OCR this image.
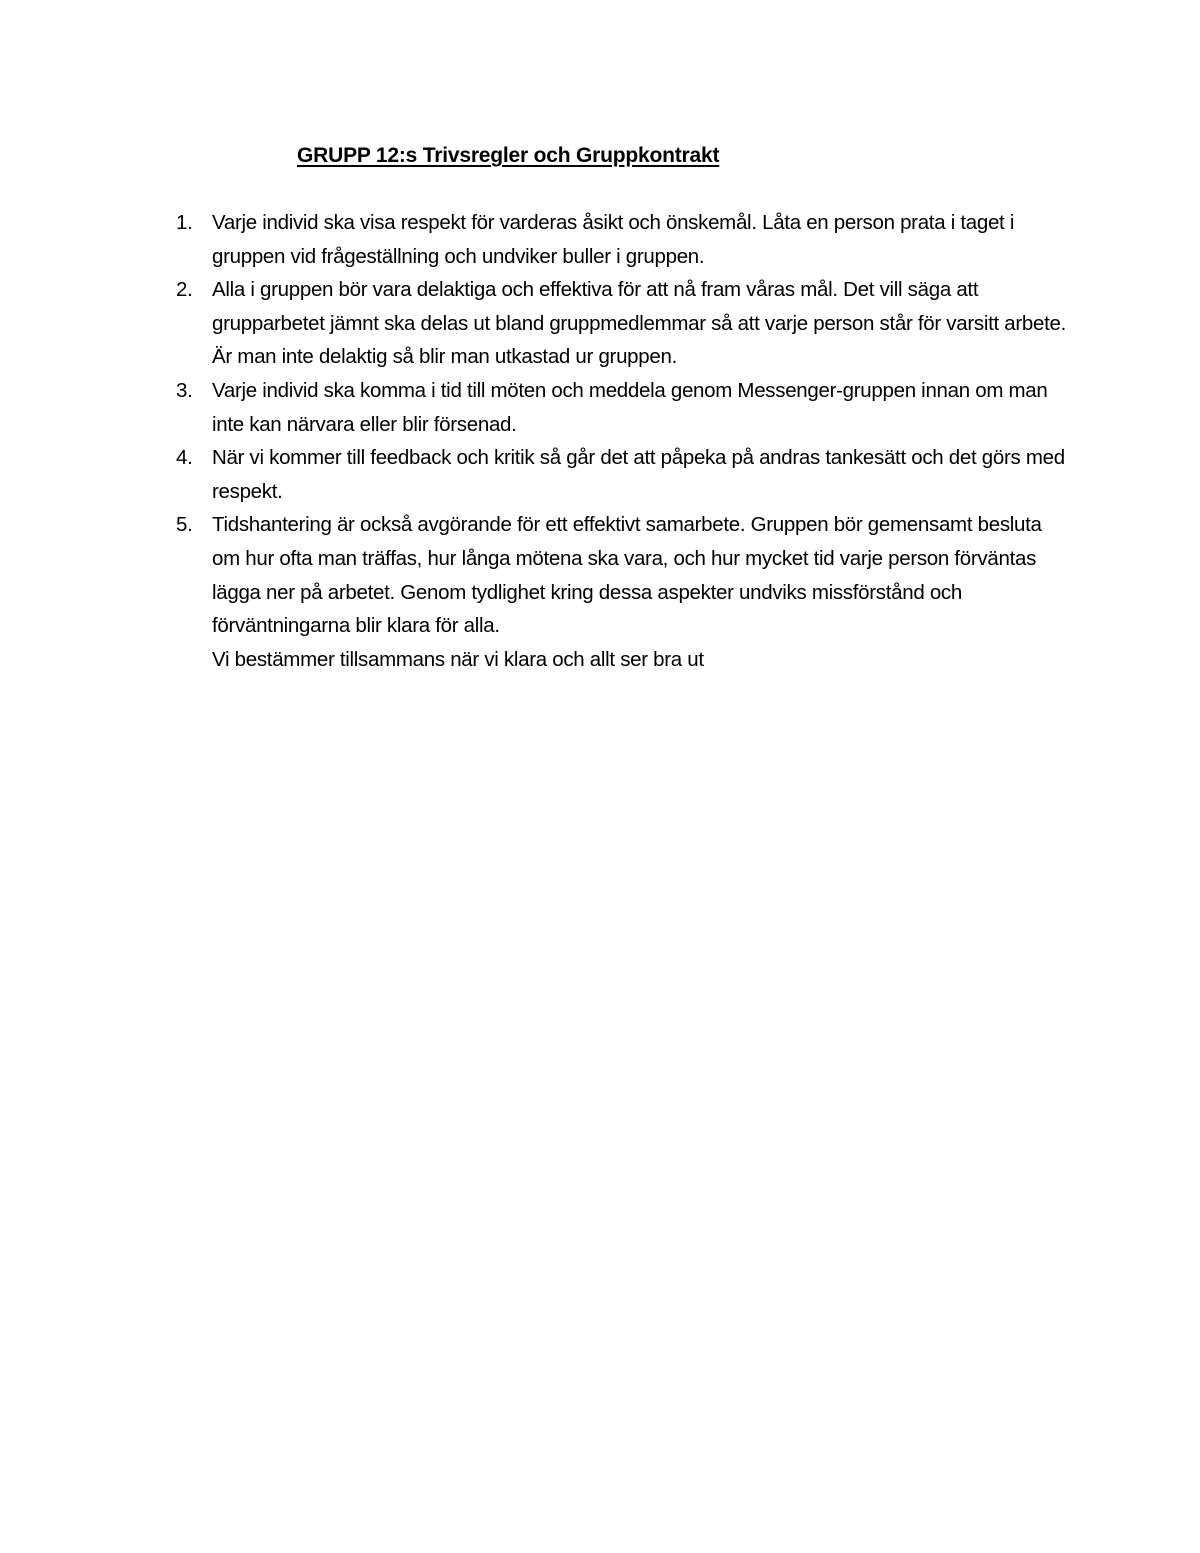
GRUPP 12:s Trivsregler och Gruppkontrakt
1. Varje individ ska visa respekt för varderas åsikt och önskemål. Låta en person prata i taget i gruppen vid frågeställning och undviker buller i gruppen.
2. Alla i gruppen bör vara delaktiga och effektiva för att nå fram våras mål. Det vill säga att grupparbetet jämnt ska delas ut bland gruppmedlemmar så att varje person står för varsitt arbete. Är man inte delaktig så blir man utkastad ur gruppen.
3. Varje individ ska komma i tid till möten och meddela genom Messenger-gruppen innan om man inte kan närvara eller blir försenad.
4. När vi kommer till feedback och kritik så går det att påpeka på andras tankesätt och det görs med respekt.
5. Tidshantering är också avgörande för ett effektivt samarbete. Gruppen bör gemensamt besluta om hur ofta man träffas, hur långa mötena ska vara, och hur mycket tid varje person förväntas lägga ner på arbetet. Genom tydlighet kring dessa aspekter undviks missförstånd och förväntningarna blir klara för alla.
Vi bestämmer tillsammans när vi klara och allt ser bra ut
